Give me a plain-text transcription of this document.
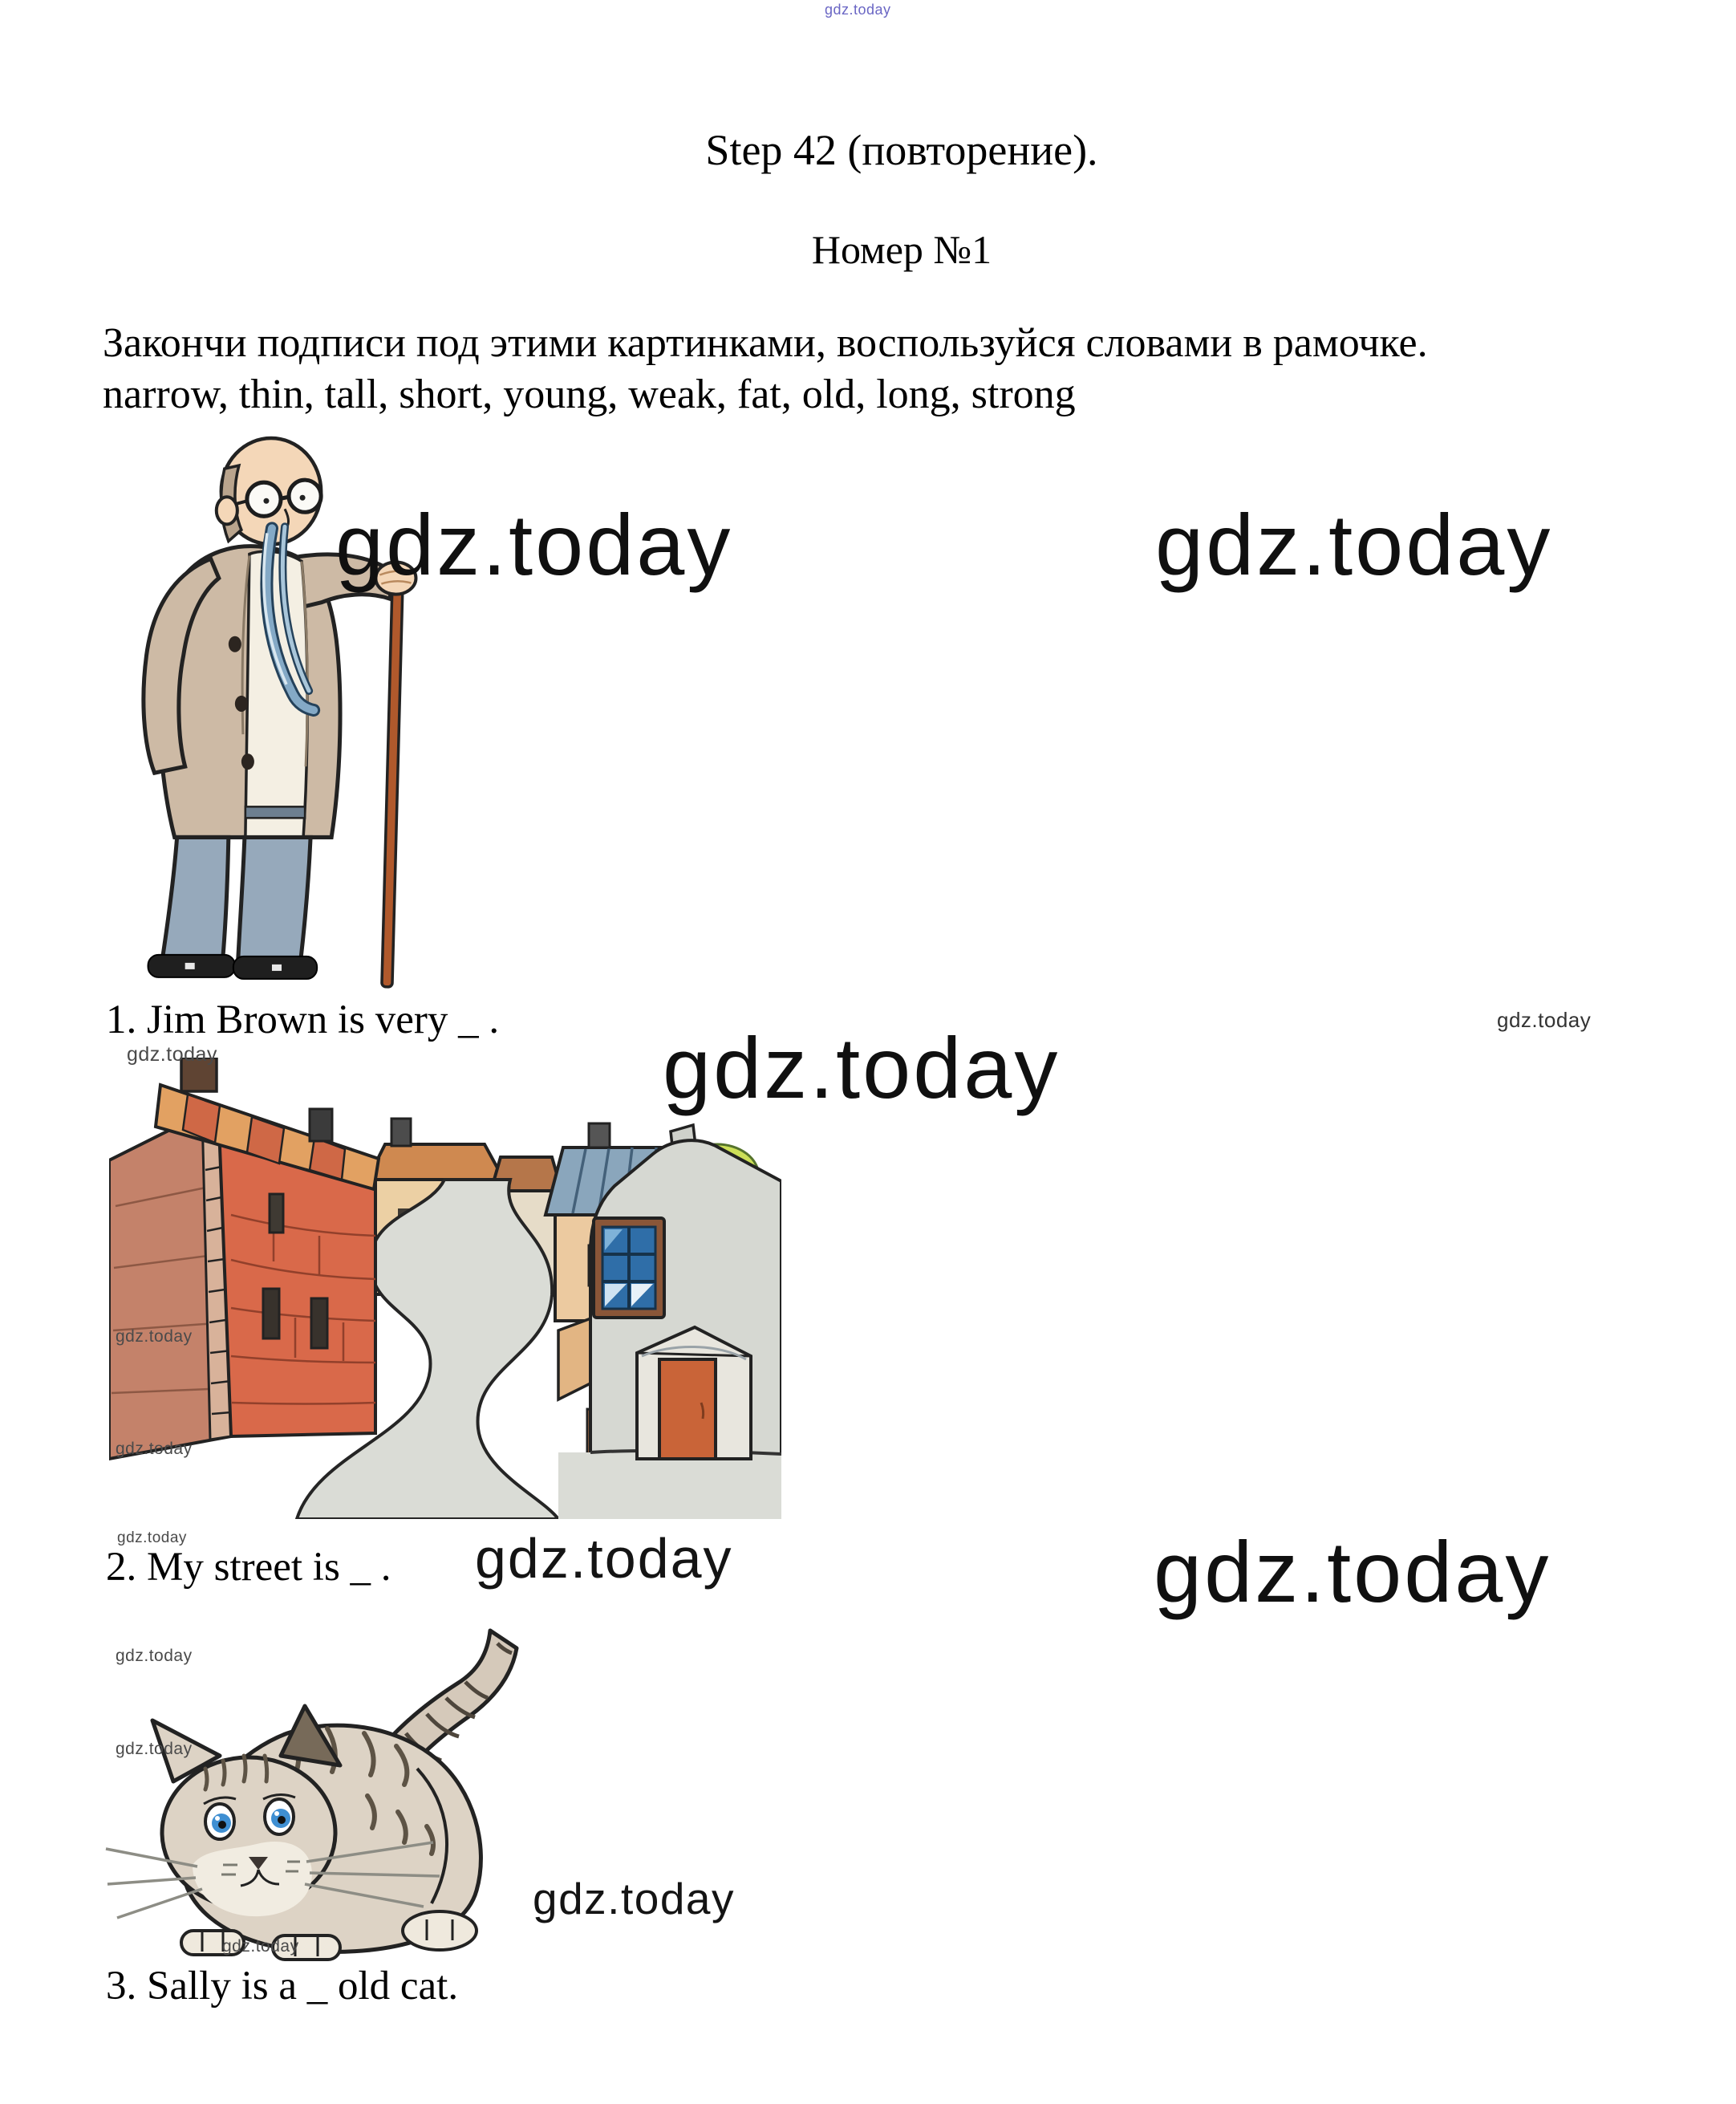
gdz.today
Step 42 (повторение).
Номер №1
Закончи подписи под этими картинками, воспользуйся словами в рамочке.
narrow, thin, tall, short, young, weak, fat, old, long, strong
1. Jim Brown is very _ .
2. My street is _ .
3. Sally is a _ old cat.
gdz.today	gdz.today
gdz.today
gdz.today
gdz.today
gdz.today
gdz.today
gdz.today
gdz.today
gdz.today
gdz.today
gdz.today
gdz.today
gdz.today
